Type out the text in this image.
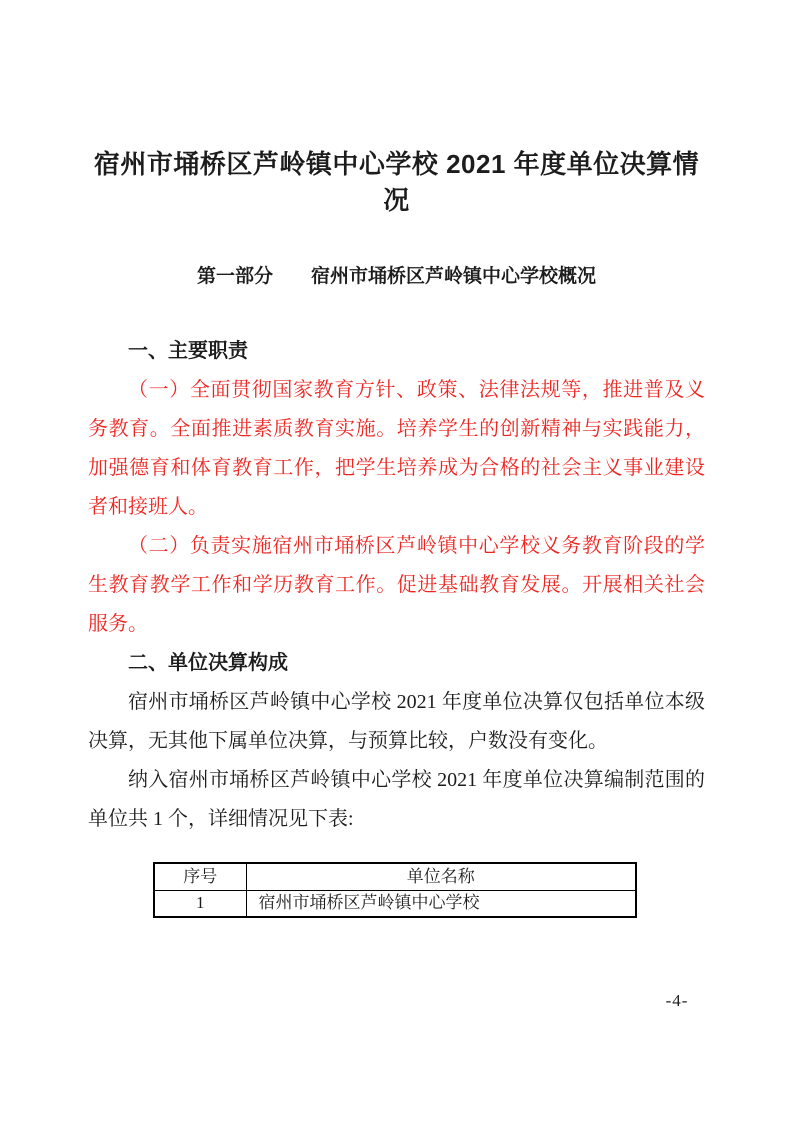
宿州市埇桥区芦岭镇中心学校 2021 年度单位决算情况
第一部分 宿州市埇桥区芦岭镇中心学校概况
一、主要职责

（一）全面贯彻国家教育方针、政策、法律法规等，推进普及义务教育。全面推进素质教育实施。培养学生的创新精神与实践能力，加强德育和体育教育工作，把学生培养成为合格的社会主义事业建设者和接班人。

（二）负责实施宿州市埇桥区芦岭镇中心学校义务教育阶段的学生教育教学工作和学历教育工作。促进基础教育发展。开展相关社会服务。

二、单位决算构成

宿州市埇桥区芦岭镇中心学校 2021 年度单位决算仅包括单位本级决算，无其他下属单位决算，与预算比较，户数没有变化。

纳入宿州市埇桥区芦岭镇中心学校 2021 年度单位决算编制范围的单位共 1 个，详细情况见下表:

序号	单位名称
1	宿州市埇桥区芦岭镇中心学校
-4-
